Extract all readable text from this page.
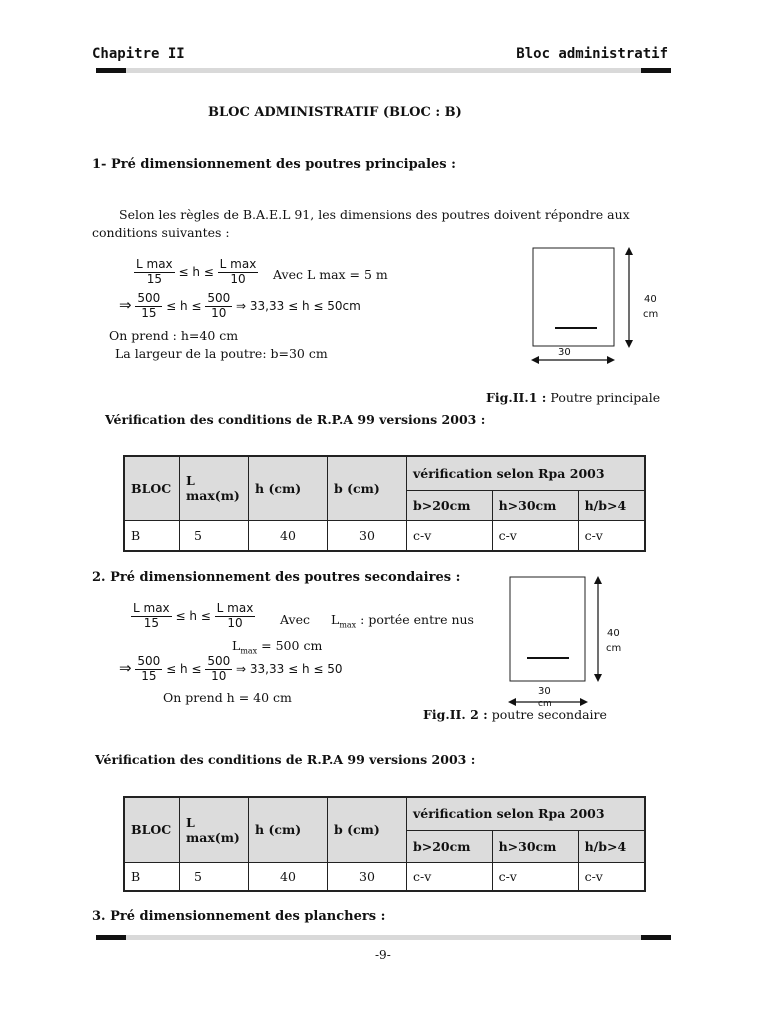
Chapitre II	Bloc administratif
BLOC ADMINISTRATIF (BLOC : B)
1- Pré dimensionnement des poutres principales :
Selon les règles de B.A.E.L 91, les dimensions des poutres doivent répondre aux
conditions suivantes :
$\frac{\text{L max}}{15} \le h \le \frac{\text{L max}}{10}$ Avec L max = 5 m
⇒ $\frac{500}{15} \le h \le \frac{500}{10}$ ⇒ 33,33 ≤ h ≤ 50cm
On prend : h=40 cm
La largeur de la poutre: b=30 cm
40
cm
30
Fig.II.1 : Poutre principale
Vérification des conditions de R.P.A 99 versions 2003 :
BLOC	L max(m)	h (cm)	b (cm)	vérification selon Rpa 2003		
				b>20cm	h>30cm	h/b>4
B	5	40	30	c-v	c-v	c-v
2. Pré dimensionnement des poutres secondaires :
$\frac{\text{L max}}{15} \le h \le \frac{\text{L max}}{10}$ Avec $L_{max}$ : portée entre nus
$L_{max} = 500$ cm
⇒ $\frac{500}{15} \le h \le \frac{500}{10}$ ⇒ 33,33 ≤ h ≤ 50
On prend h = 40 cm
40
cm
30
cm
Fig.II. 2 : poutre secondaire
Vérification des conditions de R.P.A 99 versions 2003 :
BLOC	L max(m)	h (cm)	b (cm)	vérification selon Rpa 2003		
				b>20cm	h>30cm	h/b>4
B	5	40	30	c-v	c-v	c-v
3. Pré dimensionnement des planchers :
-9-
